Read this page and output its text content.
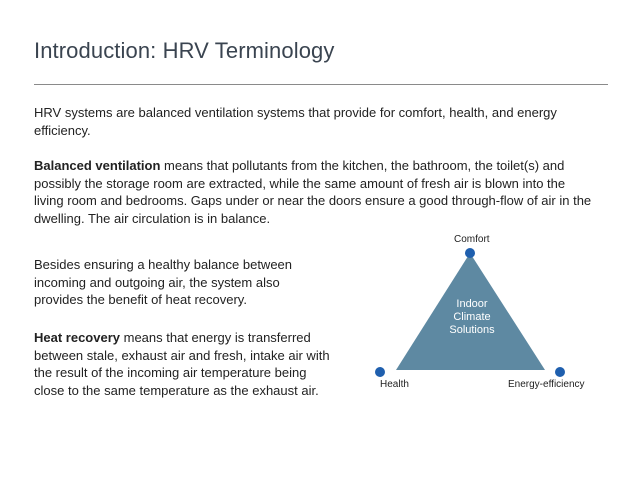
Introduction: HRV Terminology
HRV systems are balanced ventilation systems that provide for comfort, health, and energy efficiency.
Balanced ventilation means that pollutants from the kitchen, the bathroom, the toilet(s) and possibly the storage room are extracted, while the same amount of fresh air is blown into the living room and bedrooms. Gaps under or near the doors ensure a good through-flow of air in the dwelling. The air circulation is in balance.
Besides ensuring a healthy balance between incoming and outgoing air, the system also provides the benefit of heat recovery.
Heat recovery means that energy is transferred between stale, exhaust air and fresh, intake air with the result of the incoming air temperature being close to the same temperature as the exhaust air.
Indoor
Climate
Solutions
Comfort
Health	Energy-efficiency
